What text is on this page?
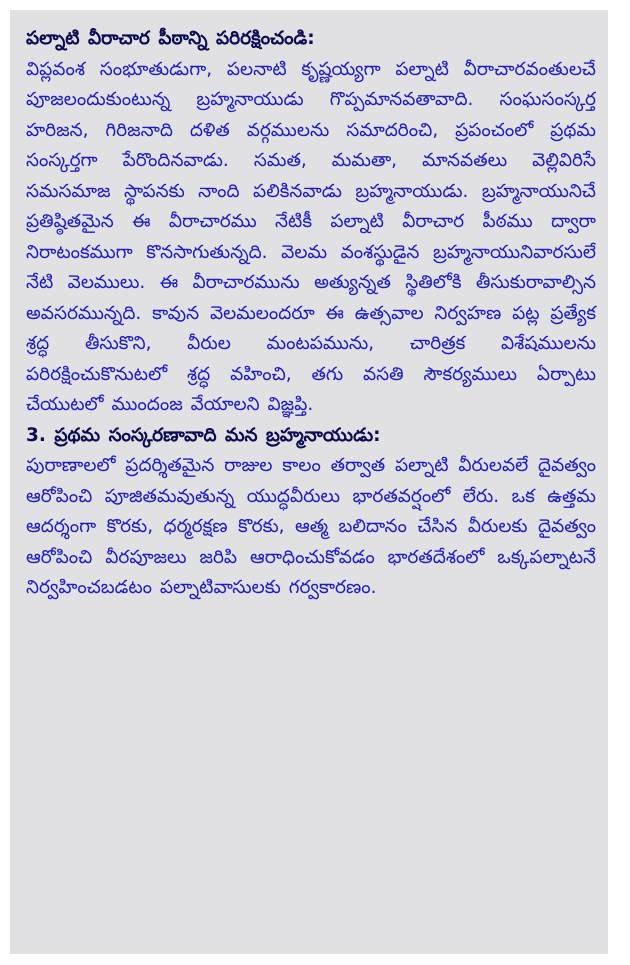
పల్నాటి వీరాచార పీఠాన్ని పరిరక్షించండి:

విప్లవంశ సంభూతుడుగా, పలనాటి కృష్ణయ్యగా పల్నాటి వీరాచారవంతులచే పూజలందుకుంటున్న బ్రహ్మనాయుడు గొప్పమానవతావాది. సంఘసంస్కర్త హరిజన, గిరిజనాది దళిత వర్గములను సమాదరించి, ప్రపంచంలో ప్రథమ సంస్కర్తగా పేరొందినవాడు. సమత, మమతా, మానవతలు వెల్లివిరిసే సమసమాజ స్థాపనకు నాంది పలికినవాడు బ్రహ్మనాయుడు. బ్రహ్మనాయునిచే ప్రతిష్ఠితమైన ఈ వీరాచారము నేటికీ పల్నాటి వీరాచార పీఠము ద్వారా నిరాటంకముగా కొనసాగుతున్నది. వెలమ వంశస్థుడైన బ్రహ్మనాయునివారసులే నేటి వెలములు. ఈ వీరాచారమును అత్యున్నత స్థితిలోకి తీసుకురావాల్సిన అవసరమున్నది. కావున వెలమలందరూ ఈ ఉత్సవాల నిర్వహణ పట్ల ప్రత్యేక శ్రద్ధ తీసుకొని, వీరుల మంటపమును, చారిత్రక విశేషములను పరిరక్షించుకొనుటలో శ్రద్ధ వహించి, తగు వసతి సౌకర్యములు ఏర్పాటు చేయుటలో ముందంజ వేయాలని విజ్ఞప్తి.

3. ప్రథమ సంస్కరణావాది మన బ్రహ్మనాయుడు:

పురాణాలలో ప్రదర్శితమైన రాజుల కాలం తర్వాత పల్నాటి వీరులవలే దైవత్వం ఆరోపించి పూజితమవుతున్న యుద్ధవీరులు భారతవర్షంలో లేరు. ఒక ఉత్తమ ఆదర్శంగా కొరకు, ధర్మరక్షణ కొరకు, ఆత్మ బలిదానం చేసిన వీరులకు దైవత్వం ఆరోపించి వీరపూజలు జరిపి ఆరాధించుకోవడం భారతదేశంలో ఒక్కపల్నాటనే నిర్వహించబడటం పల్నాటివాసులకు గర్వకారణం.
